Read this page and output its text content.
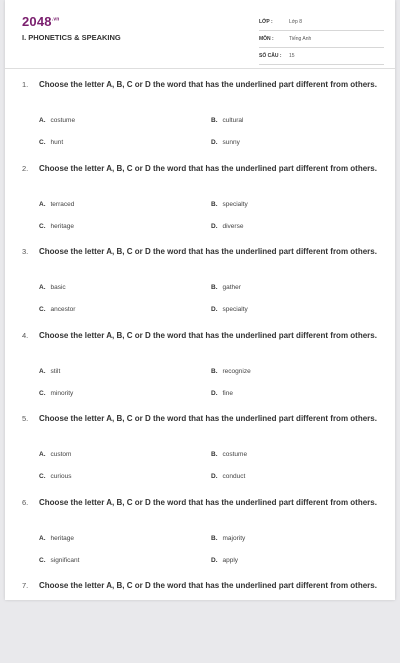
$2048^{.vn}$
I. PHONETICS & SPEAKING
LỚP :	Lớp 8
MÔN :	Tiếng Anh
SỐ CÂU :	15
1. Choose the letter A, B, C or D the word that has the underlined part different from others.
A. costume	B. cultural
C. hunt	D. sunny
2. Choose the letter A, B, C or D the word that has the underlined part different from others.
A. terraced	B. specialty
C. heritage	D. diverse
3. Choose the letter A, B, C or D the word that has the underlined part different from others.
A. basic	B. gather
C. ancestor	D. specialty
4. Choose the letter A, B, C or D the word that has the underlined part different from others.
A. stilt	B. recognize
C. minority	D. fine
5. Choose the letter A, B, C or D the word that has the underlined part different from others.
A. custom	B. costume
C. curious	D. conduct
6. Choose the letter A, B, C or D the word that has the underlined part different from others.
A. heritage	B. majority
C. significant	D. apply
7. Choose the letter A, B, C or D the word that has the underlined part different from others.
